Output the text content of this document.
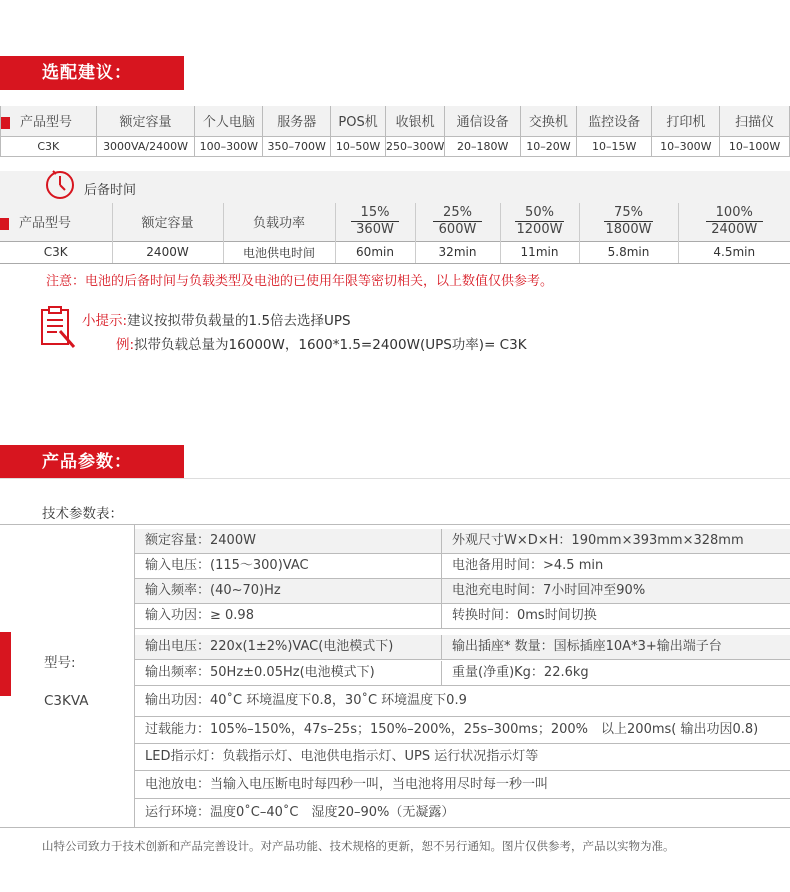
选配建议：
产品型号	额定容量	个人电脑	服务器	POS机	收银机	通信设备	交换机	监控设备	打印机	扫描仪
C3K	3000VA/2400W	100–300W	350–700W	10–50W	250–300W	20–180W	10–20W	10–15W	10–300W	10–100W
后备时间
产品型号	额定容量	负载功率	$\frac{15\%}{360W}$	$\frac{25\%}{600W}$	$\frac{50\%}{1200W}$	$\frac{75\%}{1800W}$	$\frac{100\%}{2400W}$

C3K	2400W	电池供电时间	60min	32min	11min	5.8min	4.5min
注意：电池的后备时间与负载类型及电池的已使用年限等密切相关，以上数值仅供参考。
小提示:建议按拟带负载量的1.5倍去选择UPS
例:拟带负载总量为16000W，1600*1.5=2400W(UPS功率)= C3K
产品参数：
技术参数表：
型号:
C3KVA
额定容量：2400W	外观尺寸W×D×H：190mm×393mm×328mm
输入电压：(115～300)VAC	电池备用时间：>4.5 min
输入频率：(40~70)Hz	电池充电时间：7小时回冲至90%
输入功因：≥ 0.98	转换时间：0ms时间切换
输出电压：220x(1±2%)VAC(电池模式下)	输出插座* 数量：国标插座10A*3+输出端子台
输出频率：50Hz±0.05Hz(电池模式下)	重量(净重)Kg：22.6kg
输出功因：40˚C 环境温度下0.8，30˚C 环境温度下0.9
过载能力：105%–150%，47s–25s；150%–200%，25s–300ms；200%　以上200ms( 输出功因0.8)
LED指示灯：负载指示灯、电池供电指示灯、UPS 运行状况指示灯等
电池放电：当输入电压断电时每四秒一叫，当电池将用尽时每一秒一叫
运行环境：温度0˚C–40˚C　湿度20–90%（无凝露）
山特公司致力于技术创新和产品完善设计。对产品功能、技术规格的更新，恕不另行通知。图片仅供参考，产品以实物为准。
